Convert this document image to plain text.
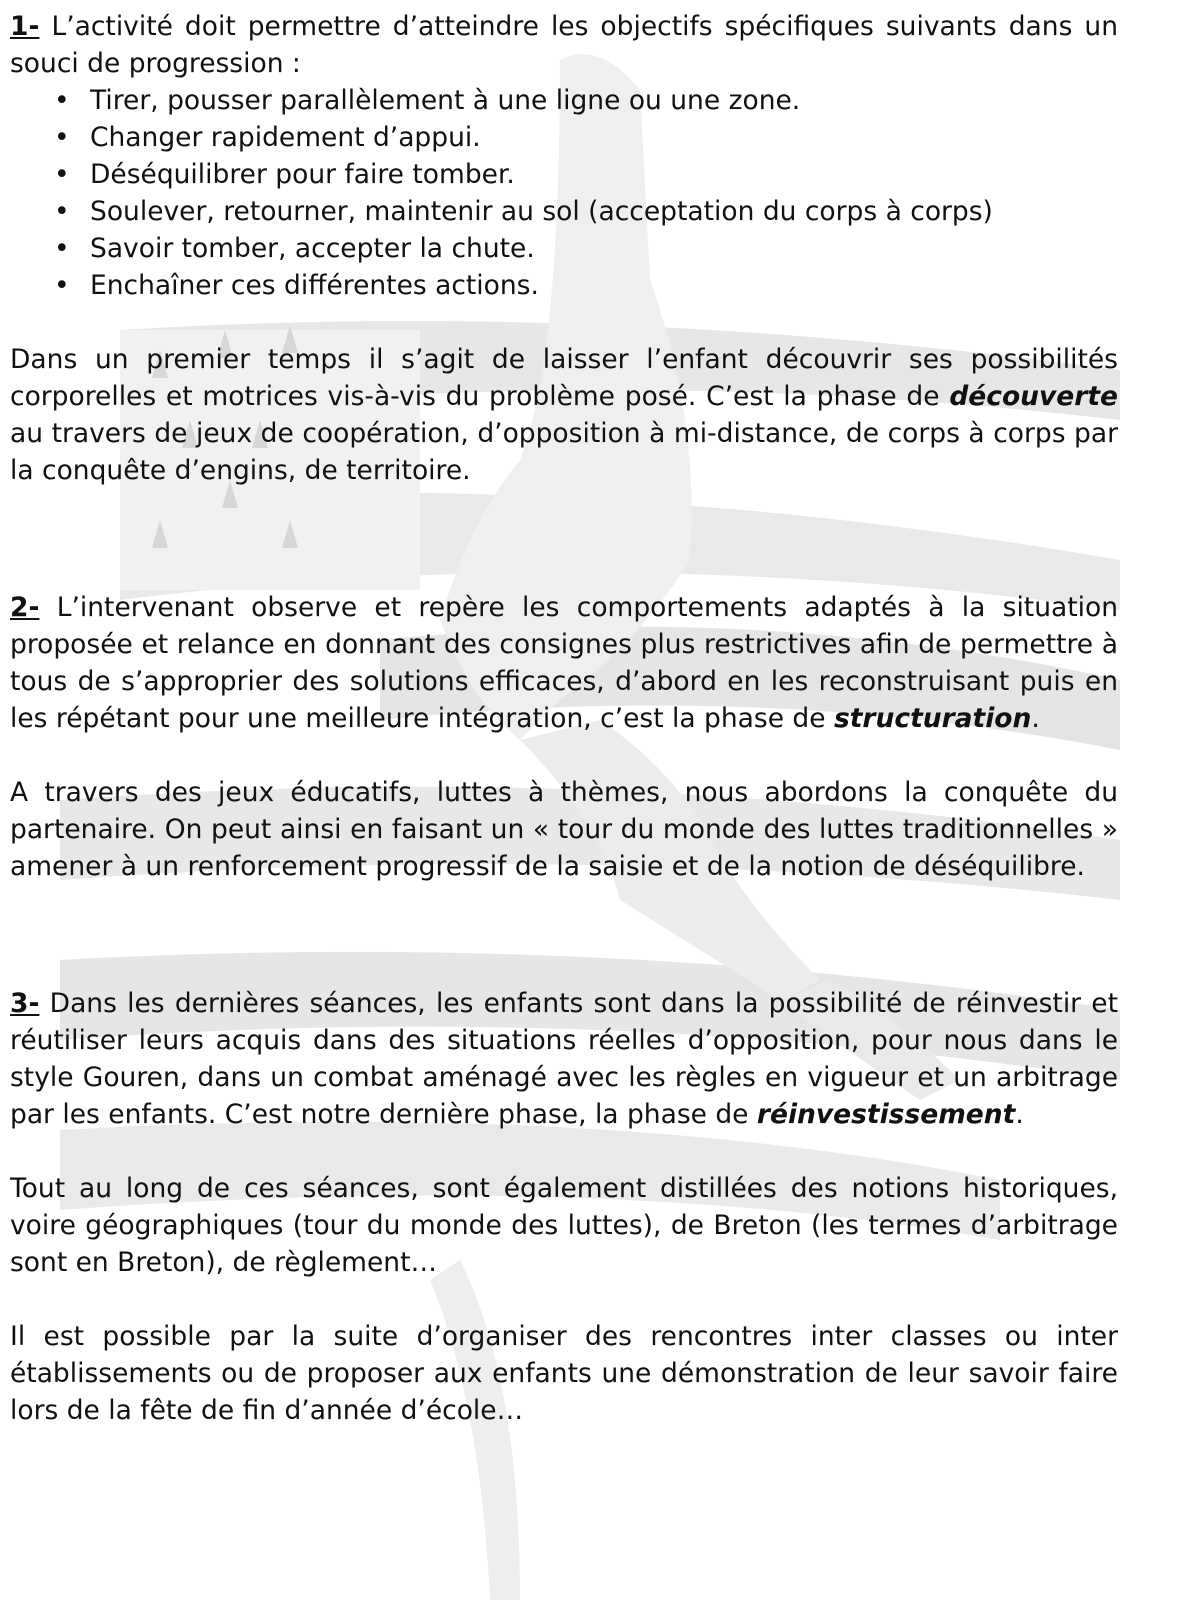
1- L’activité doit permettre d’atteindre les objectifs spécifiques suivants dans un souci de progression :

• Tirer, pousser parallèlement à une ligne ou une zone.
• Changer rapidement d’appui.
• Déséquilibrer pour faire tomber.
• Soulever, retourner, maintenir au sol (acceptation du corps à corps)
• Savoir tomber, accepter la chute.
• Enchaîner ces différentes actions.

Dans un premier temps il s’agit de laisser l’enfant découvrir ses possibilités corporelles et motrices vis-à-vis du problème posé. C’est la phase de découverte au travers de jeux de coopération, d’opposition à mi-distance, de corps à corps par la conquête d’engins, de territoire.

2- L’intervenant observe et repère les comportements adaptés à la situation proposée et relance en donnant des consignes plus restrictives afin de permettre à tous de s’approprier des solutions efficaces, d’abord en les reconstruisant puis en les répétant pour une meilleure intégration, c’est la phase de structuration.

A travers des jeux éducatifs, luttes à thèmes, nous abordons la conquête du partenaire. On peut ainsi en faisant un « tour du monde des luttes traditionnelles » amener à un renforcement progressif de la saisie et de la notion de déséquilibre.

3- Dans les dernières séances, les enfants sont dans la possibilité de réinvestir et réutiliser leurs acquis dans des situations réelles d’opposition, pour nous dans le style Gouren, dans un combat aménagé avec les règles en vigueur et un arbitrage par les enfants. C’est notre dernière phase, la phase de réinvestissement.

Tout au long de ces séances, sont également distillées des notions historiques, voire géographiques (tour du monde des luttes), de Breton (les termes d’arbitrage sont en Breton), de règlement…

Il est possible par la suite d’organiser des rencontres inter classes ou inter établissements ou de proposer aux enfants une démonstration de leur savoir faire lors de la fête de fin d’année d’école…
